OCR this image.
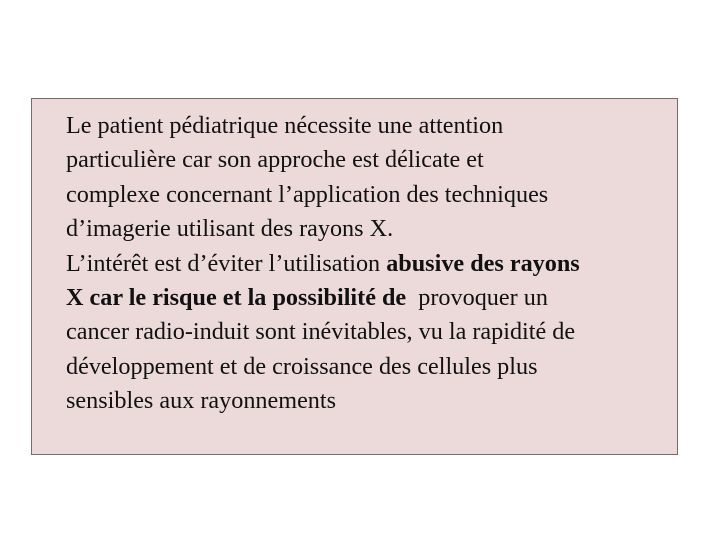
Le patient pédiatrique nécessite une attention
particulière car son approche est délicate et
complexe concernant l’application des techniques
d’imagerie utilisant des rayons X.

L’intérêt est d’éviter l’utilisation abusive des rayons
X car le risque et la possibilité de  provoquer un
cancer radio-induit sont inévitables, vu la rapidité de
développement et de croissance des cellules plus
sensibles aux rayonnements
